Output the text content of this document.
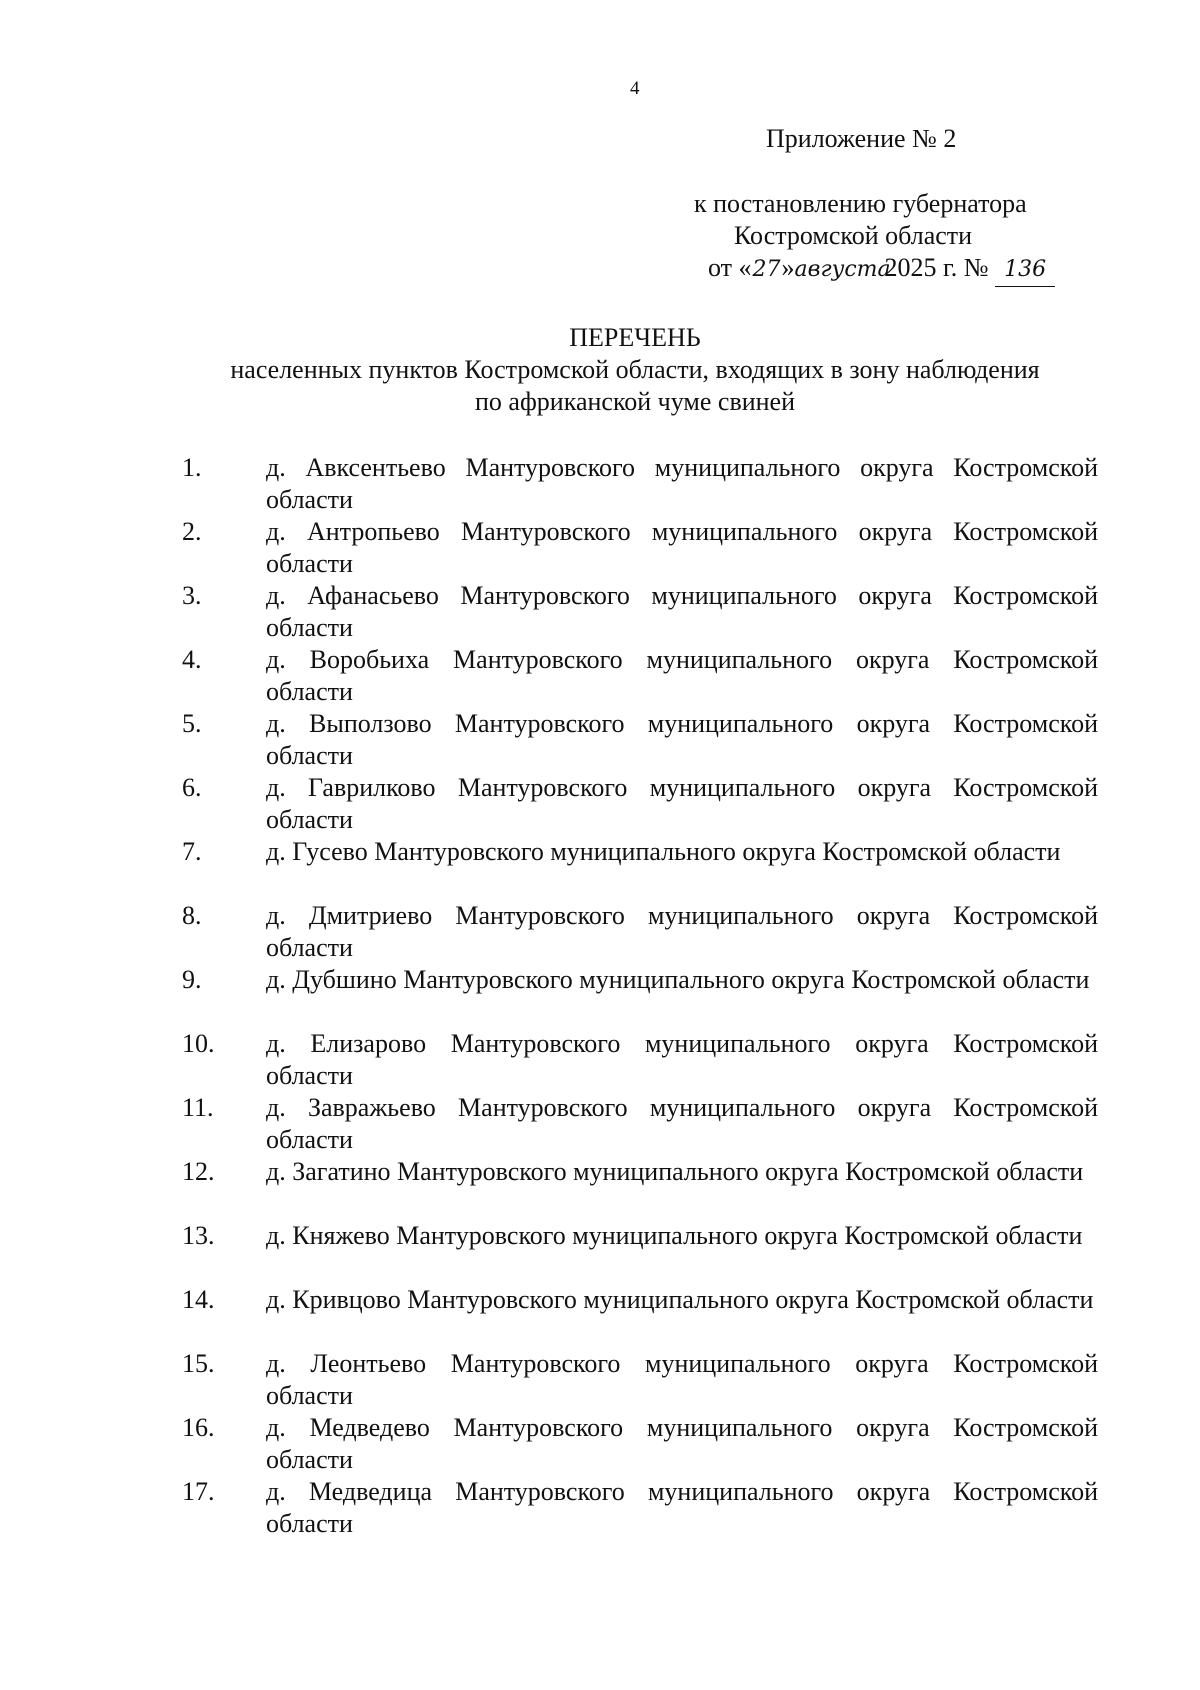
4
Приложение № 2
к постановлению губернатора
Костромской области
от «27»августа2025 г. № 136
ПЕРЕЧЕНЬ
населенных пунктов Костромской области, входящих в зону наблюдения
по африканской чуме свиней
1.	д. Авксентьево Мантуровского муниципального округа Костромской области
2.	д. Антропьево Мантуровского муниципального округа Костромской области
3.	д. Афанасьево Мантуровского муниципального округа Костромской области
4.	д. Воробьиха Мантуровского муниципального округа Костромской области
5.	д. Выползово Мантуровского муниципального округа Костромской области
6.	д. Гаврилково Мантуровского муниципального округа Костромской области
7.	д. Гусево Мантуровского муниципального округа Костромской области
8.	д. Дмитриево Мантуровского муниципального округа Костромской области
9.	д. Дубшино Мантуровского муниципального округа Костромской области
10.	д. Елизарово Мантуровского муниципального округа Костромской области
11.	д. Завражьево Мантуровского муниципального округа Костромской области
12.	д. Загатино Мантуровского муниципального округа Костромской области
13.	д. Княжево Мантуровского муниципального округа Костромской области
14.	д. Кривцово Мантуровского муниципального округа Костромской области
15.	д. Леонтьево Мантуровского муниципального округа Костромской области
16.	д. Медведево Мантуровского муниципального округа Костромской области
17.	д. Медведица Мантуровского муниципального округа Костромской области
